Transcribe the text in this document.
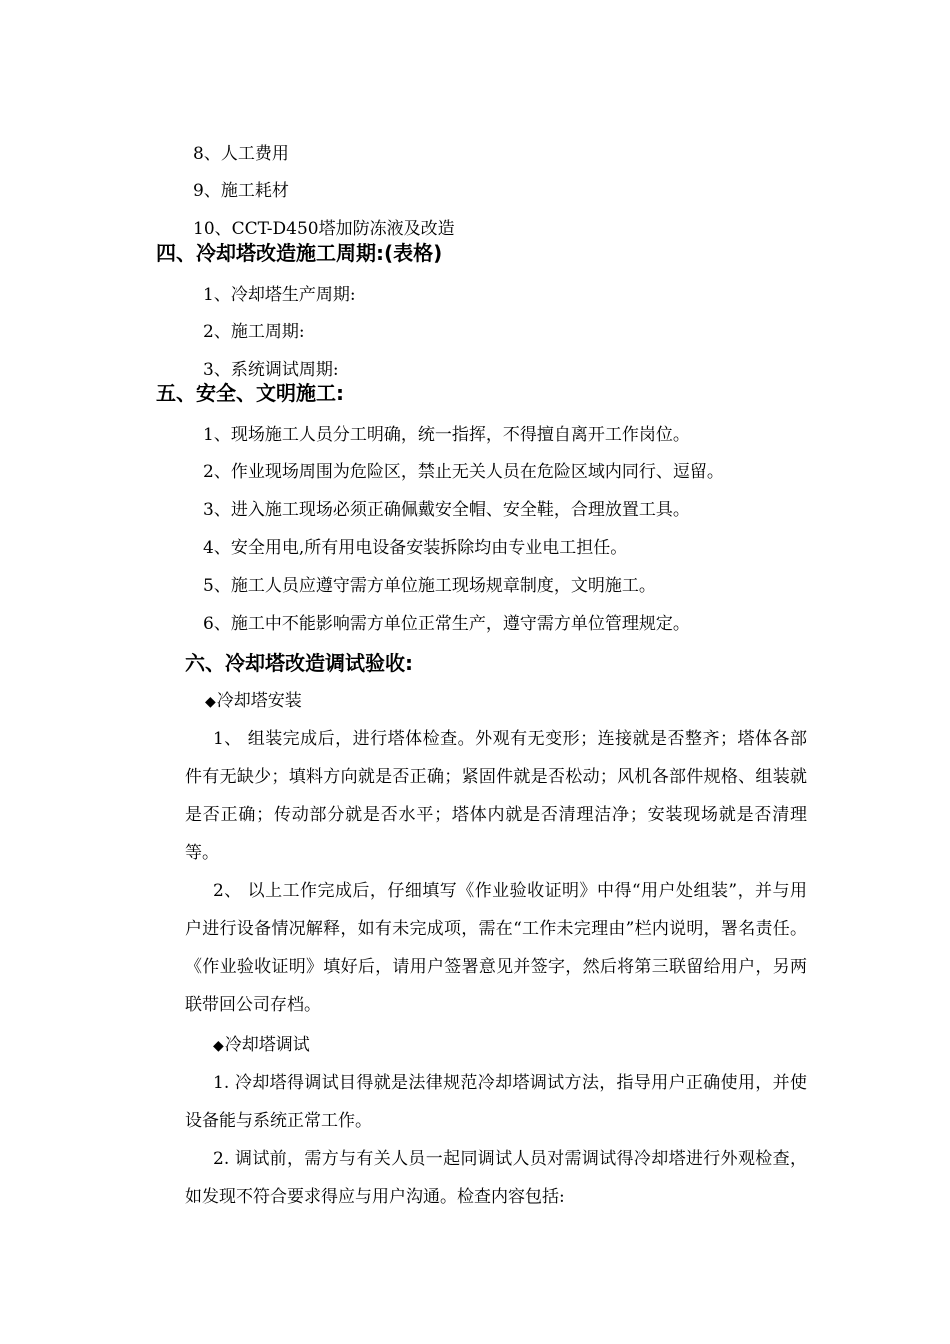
8、人工费用
9、施工耗材
10、CCT-D450塔加防冻液及改造
四、冷却塔改造施工周期:(表格)
1、冷却塔生产周期:
2、施工周期:
3、系统调试周期:
五、安全、文明施工:
1、现场施工人员分工明确，统一指挥，不得擅自离开工作岗位。
2、作业现场周围为危险区，禁止无关人员在危险区域内同行、逗留。
3、进入施工现场必须正确佩戴安全帽、安全鞋，合理放置工具。
4、安全用电,所有用电设备安装拆除均由专业电工担任。
5、施工人员应遵守需方单位施工现场规章制度，文明施工。
6、施工中不能影响需方单位正常生产，遵守需方单位管理规定。
六、冷却塔改造调试验收:
◆冷却塔安装
1、 组装完成后，进行塔体检查。外观有无变形；连接就是否整齐；塔体各部件有无缺少；填料方向就是否正确；紧固件就是否松动；风机各部件规格、组装就是否正确；传动部分就是否水平；塔体内就是否清理洁净；安装现场就是否清理等。
2、 以上工作完成后，仔细填写《作业验收证明》中得“用户处组装”，并与用户进行设备情况解释，如有未完成项，需在“工作未完理由”栏内说明，署名责任。《作业验收证明》填好后，请用户签署意见并签字，然后将第三联留给用户，另两联带回公司存档。
◆冷却塔调试
1. 冷却塔得调试目得就是法律规范冷却塔调试方法，指导用户正确使用，并使设备能与系统正常工作。
2. 调试前，需方与有关人员一起同调试人员对需调试得冷却塔进行外观检查，如发现不符合要求得应与用户沟通。检查内容包括:
